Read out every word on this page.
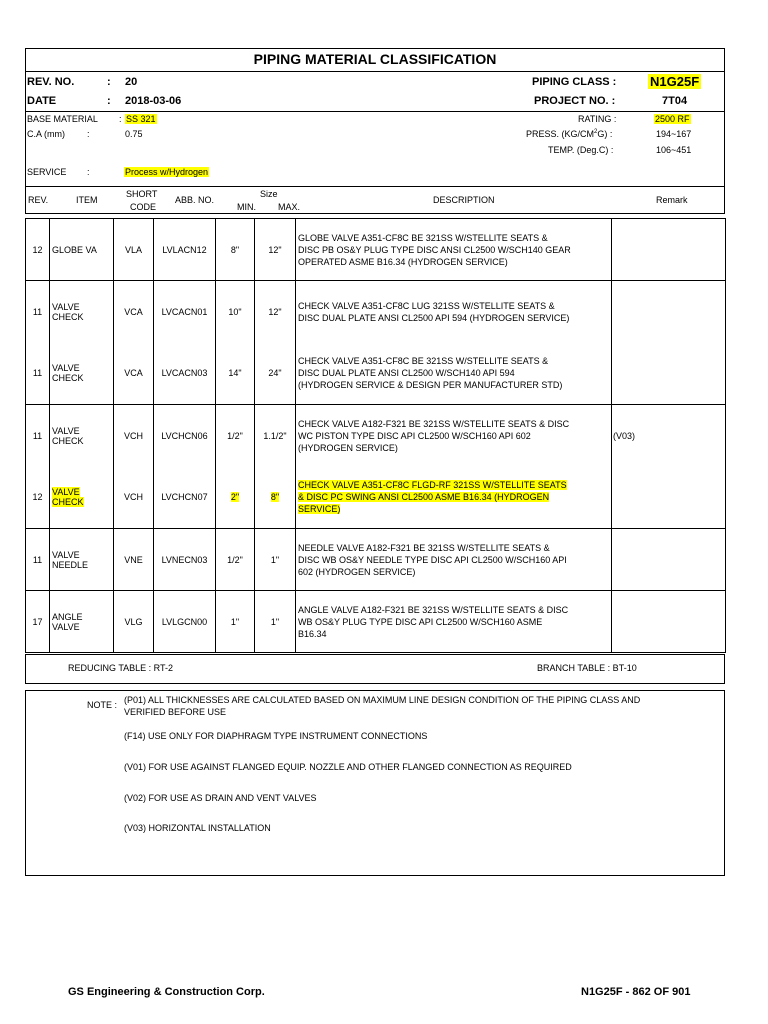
PIPING MATERIAL CLASSIFICATION
REV. NO.	: 20
DATE	: 2018-03-06
PIPING CLASS :	N1G25F
PROJECT NO. :	7T04
BASE MATERIAL : SS 321
C.A (mm) :	0.75
RATING :	2500 RF
PRESS. $(KG/CM^2G)$ :	194~167
TEMP. (Deg.C) :	106~451
SERVICE :	Process w/Hydrogen
REV.	ITEM
SHORT
CODE
ABB. NO.
Size
MIN. MAX.
DESCRIPTION	Remark
12	GLOBE VA	VLA	LVLACN12	8"	12"	GLOBE VALVE A351-CF8C BE 321SS W/STELLITE SEATS &
DISC PB OS&Y PLUG TYPE DISC ANSI CL2500 W/SCH140 GEAR
OPERATED ASME B16.34 (HYDROGEN SERVICE)	

11	VALVE
CHECK	VCA	LVCACN01	10"	12"	CHECK VALVE A351-CF8C LUG 321SS W/STELLITE SEATS &
DISC DUAL PLATE ANSI CL2500 API 594 (HYDROGEN SERVICE)	

11	VALVE
CHECK	VCA	LVCACN03	14"	24"	CHECK VALVE A351-CF8C BE 321SS W/STELLITE SEATS &
DISC DUAL PLATE ANSI CL2500 W/SCH140 API 594
(HYDROGEN SERVICE & DESIGN PER MANUFACTURER STD)	

11	VALVE
CHECK	VCH	LVCHCN06	1/2"	1.1/2"	CHECK VALVE A182-F321 BE 321SS W/STELLITE SEATS & DISC
WC PISTON TYPE DISC API CL2500 W/SCH160 API 602
(HYDROGEN SERVICE)	(V03)
12	VALVE
CHECK	VCH	LVCHCN07	2"	8"	CHECK VALVE A351-CF8C FLGD-RF 321SS W/STELLITE SEATS
& DISC PC SWING ANSI CL2500 ASME B16.34 (HYDROGEN
SERVICE)	

11	VALVE
NEEDLE	VNE	LVNECN03	1/2"	1"	NEEDLE VALVE A182-F321 BE 321SS W/STELLITE SEATS &
DISC WB OS&Y NEEDLE TYPE DISC API CL2500 W/SCH160 API
602 (HYDROGEN SERVICE)	

17	ANGLE
VALVE	VLG	LVLGCN00	1"	1"	ANGLE VALVE A182-F321 BE 321SS W/STELLITE SEATS & DISC
WB OS&Y PLUG TYPE DISC API CL2500 W/SCH160 ASME
B16.34	

REDUCING TABLE : RT-2	BRANCH TABLE : BT-10
NOTE : (P01) ALL THICKNESSES ARE CALCULATED BASED ON MAXIMUM LINE DESIGN CONDITION OF THE PIPING CLASS AND
VERIFIED BEFORE USE
(F14) USE ONLY FOR DIAPHRAGM TYPE INSTRUMENT CONNECTIONS
(V01) FOR USE AGAINST FLANGED EQUIP. NOZZLE AND OTHER FLANGED CONNECTION AS REQUIRED
(V02) FOR USE AS DRAIN AND VENT VALVES
(V03) HORIZONTAL INSTALLATION
GS Engineering & Construction Corp.	N1G25F - 862 OF 901
